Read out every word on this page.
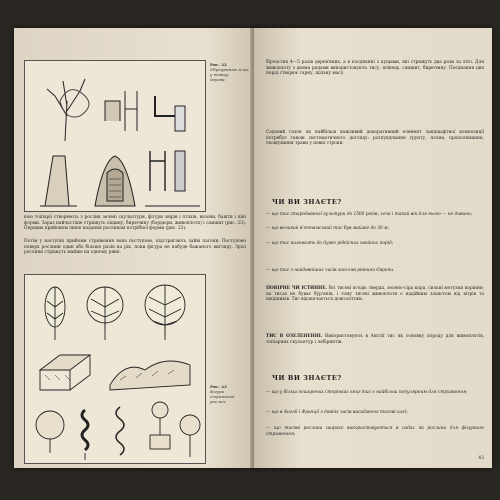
Рис. 22
Обрізування гілок
у товщу
дерева:
кою топіарії створюють з рослин зелені скульптури, фігури звірів і птахів, вазони, башти і ціні форми. Зараз найчастіше стрижуть ліщину, бирючину (бордюри, живоплоти) і самшит (рис. 23). Першим прийомом лише надання рослинам потрібної форми (рис. 23).
Потім у наступні прийоми стриження вона поступово, підстригають зайві пагони. Поступово поверх рослини один або більше разів на рік, поки фігура не набуде бажаного вигляду. Зрілі рослини стрижуть майже на одному рівні.
Рис. 23
Фігури
стриженої
рослин:
бірчастих 4—5 разів дерев'яних, а в поєднанні з кущами, які стрижуть два рази за літо. Для живоплоту з двома рядами використовують тису, ялівець, самшит, бирючину. Поєднання цих порід створює гарну, щільну масу.
Садовий газон як найбільш важливий декоративний елемент ландшафтної композиції потребує також систематичного догляду: розпушування ґрунту, полив, прополювання, скошування трави у певні строки.
ЧИ ВИ ЗНАЄТЕ?
— що тис стародавньої культури до 1500 років, хоча і такий вік для нього — не дивина;
— що великий в'єтнамський тис був майже до 30 м;
— що тис належить до дуже рідкісних хвойних порід;
— що тис з найдавніших часів заселяв рівнини Європи.
ПОВІРНЕ ЧИ ІСТИННЕ. Всі тисові ягоди: тверда, зелено-сіра кора, сильні мотузки коріння; на тисах не буває бур'янів, і тому тисові живоплоти є надійним захистом від вітрів та шкідників. Тис відзначається довголіттям.
ТИС В ОЗЕЛЕНЕННІ. Використовують в Англії тис як основну породу для живоплотів, топіарних скульптур і лабіринтів.
ЧИ ВИ ЗНАЄТЕ?
— що у більш поширених сторінках книг тис є найбільш популярним для стриження;
— що в Англії і Франції з давніх часів висаджено тисові алеї;
— що тисові рослини широко використовуються в садах як рослини для фігурного стриження.
43
